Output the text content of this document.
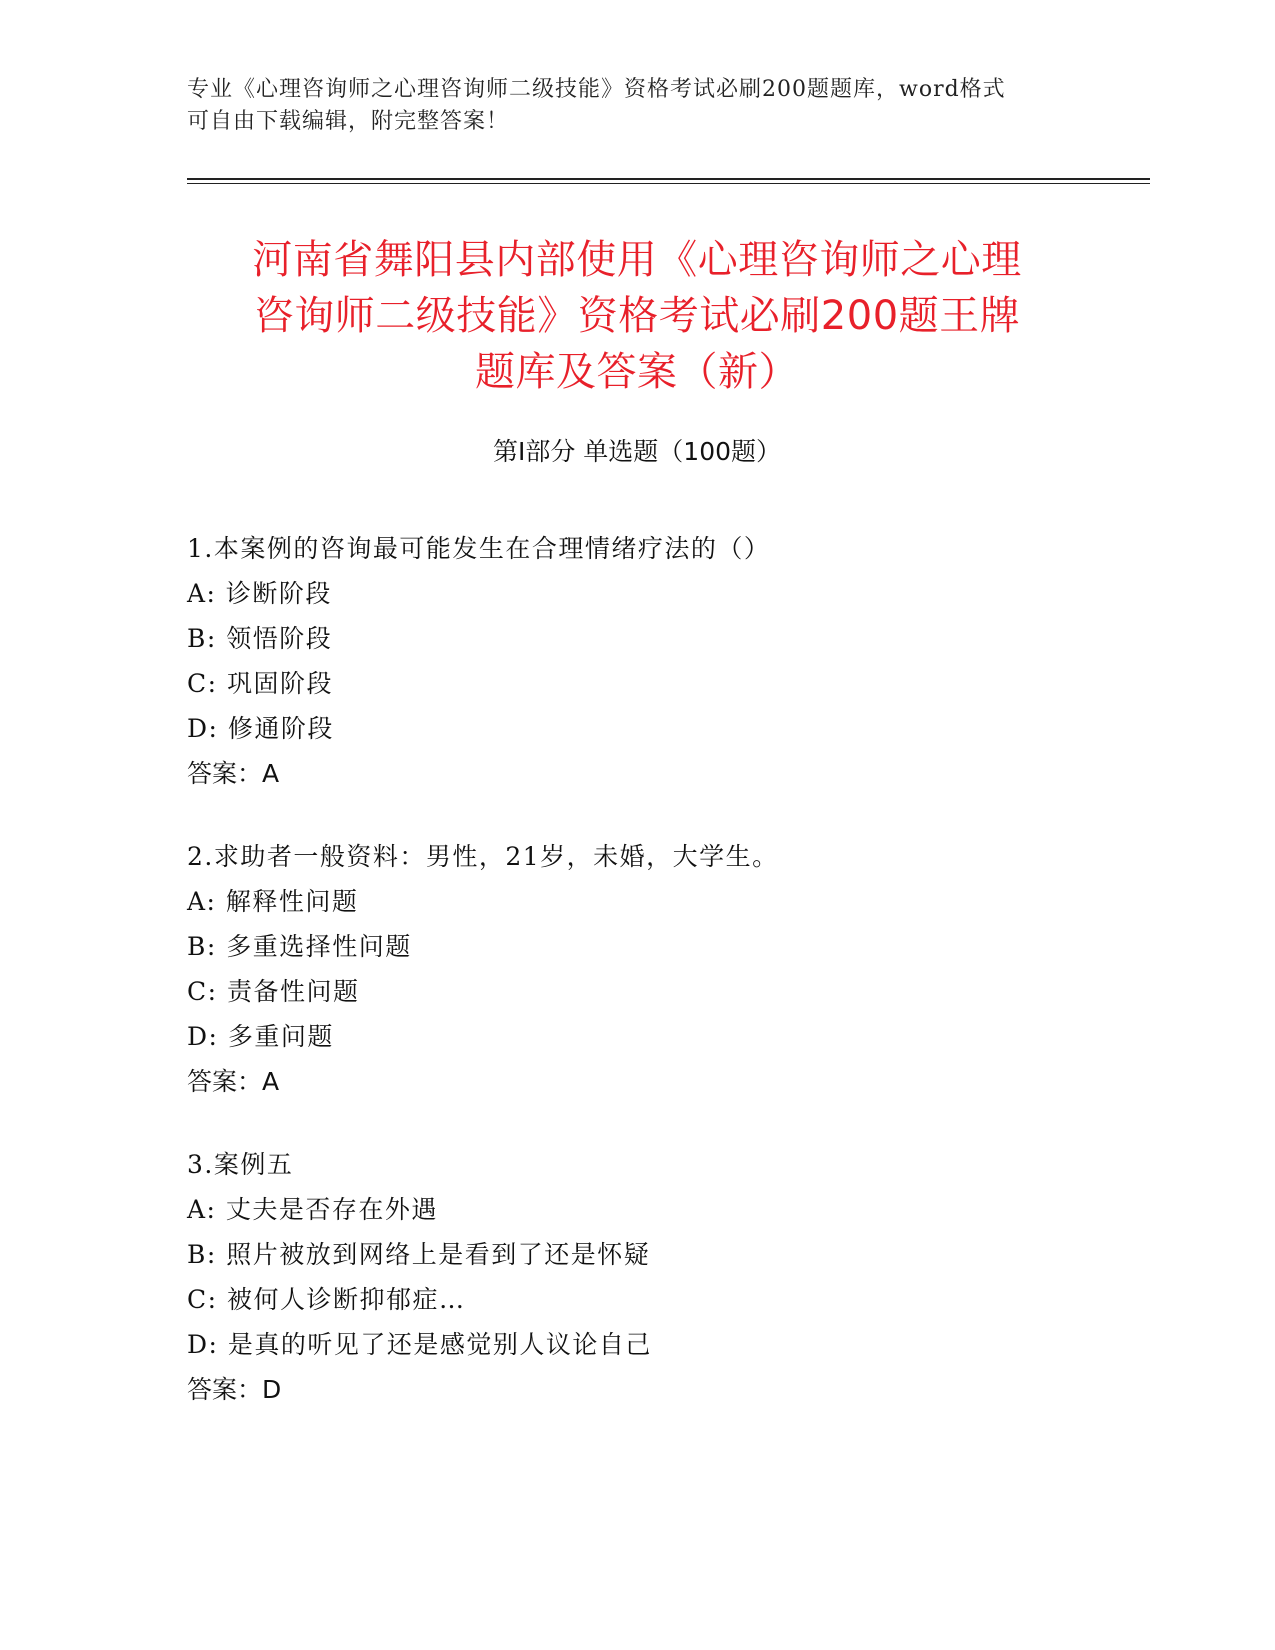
专业《心理咨询师之心理咨询师二级技能》资格考试必刷200题题库，word格式
可自由下载编辑，附完整答案！
河南省舞阳县内部使用《心理咨询师之心理
咨询师二级技能》资格考试必刷200题王牌
题库及答案（新）
第Ⅰ部分 单选题（100题）
1.本案例的咨询最可能发生在合理情绪疗法的（）
A: 诊断阶段
B: 领悟阶段
C: 巩固阶段
D: 修通阶段
答案：A
2.求助者一般资料：男性，21岁，未婚，大学生。
A: 解释性问题
B: 多重选择性问题
C: 责备性问题
D: 多重问题
答案：A
3.案例五
A: 丈夫是否存在外遇
B: 照片被放到网络上是看到了还是怀疑
C: 被何人诊断抑郁症…
D: 是真的听见了还是感觉别人议论自己
答案：D
